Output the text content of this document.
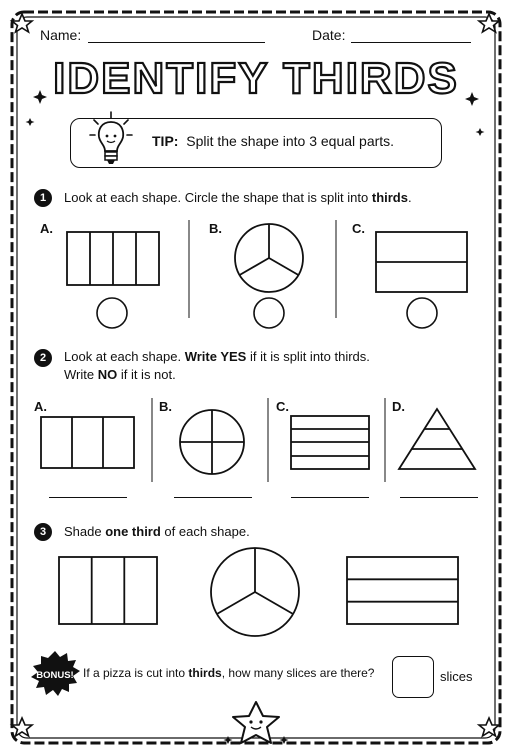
Name:	Date:
IDENTIFY THIRDS
TIP: Split the shape into 3 equal parts.
1	Look at each shape. Circle the shape that is split into thirds.
A.	B.	C.
2	Look at each shape. Write YES if it is split into thirds.
Write NO if it is not.
A.	B.	C.	D.
3	Shade one third of each shape.
BONUS! If a pizza is cut into thirds, how many slices are there?	slices
